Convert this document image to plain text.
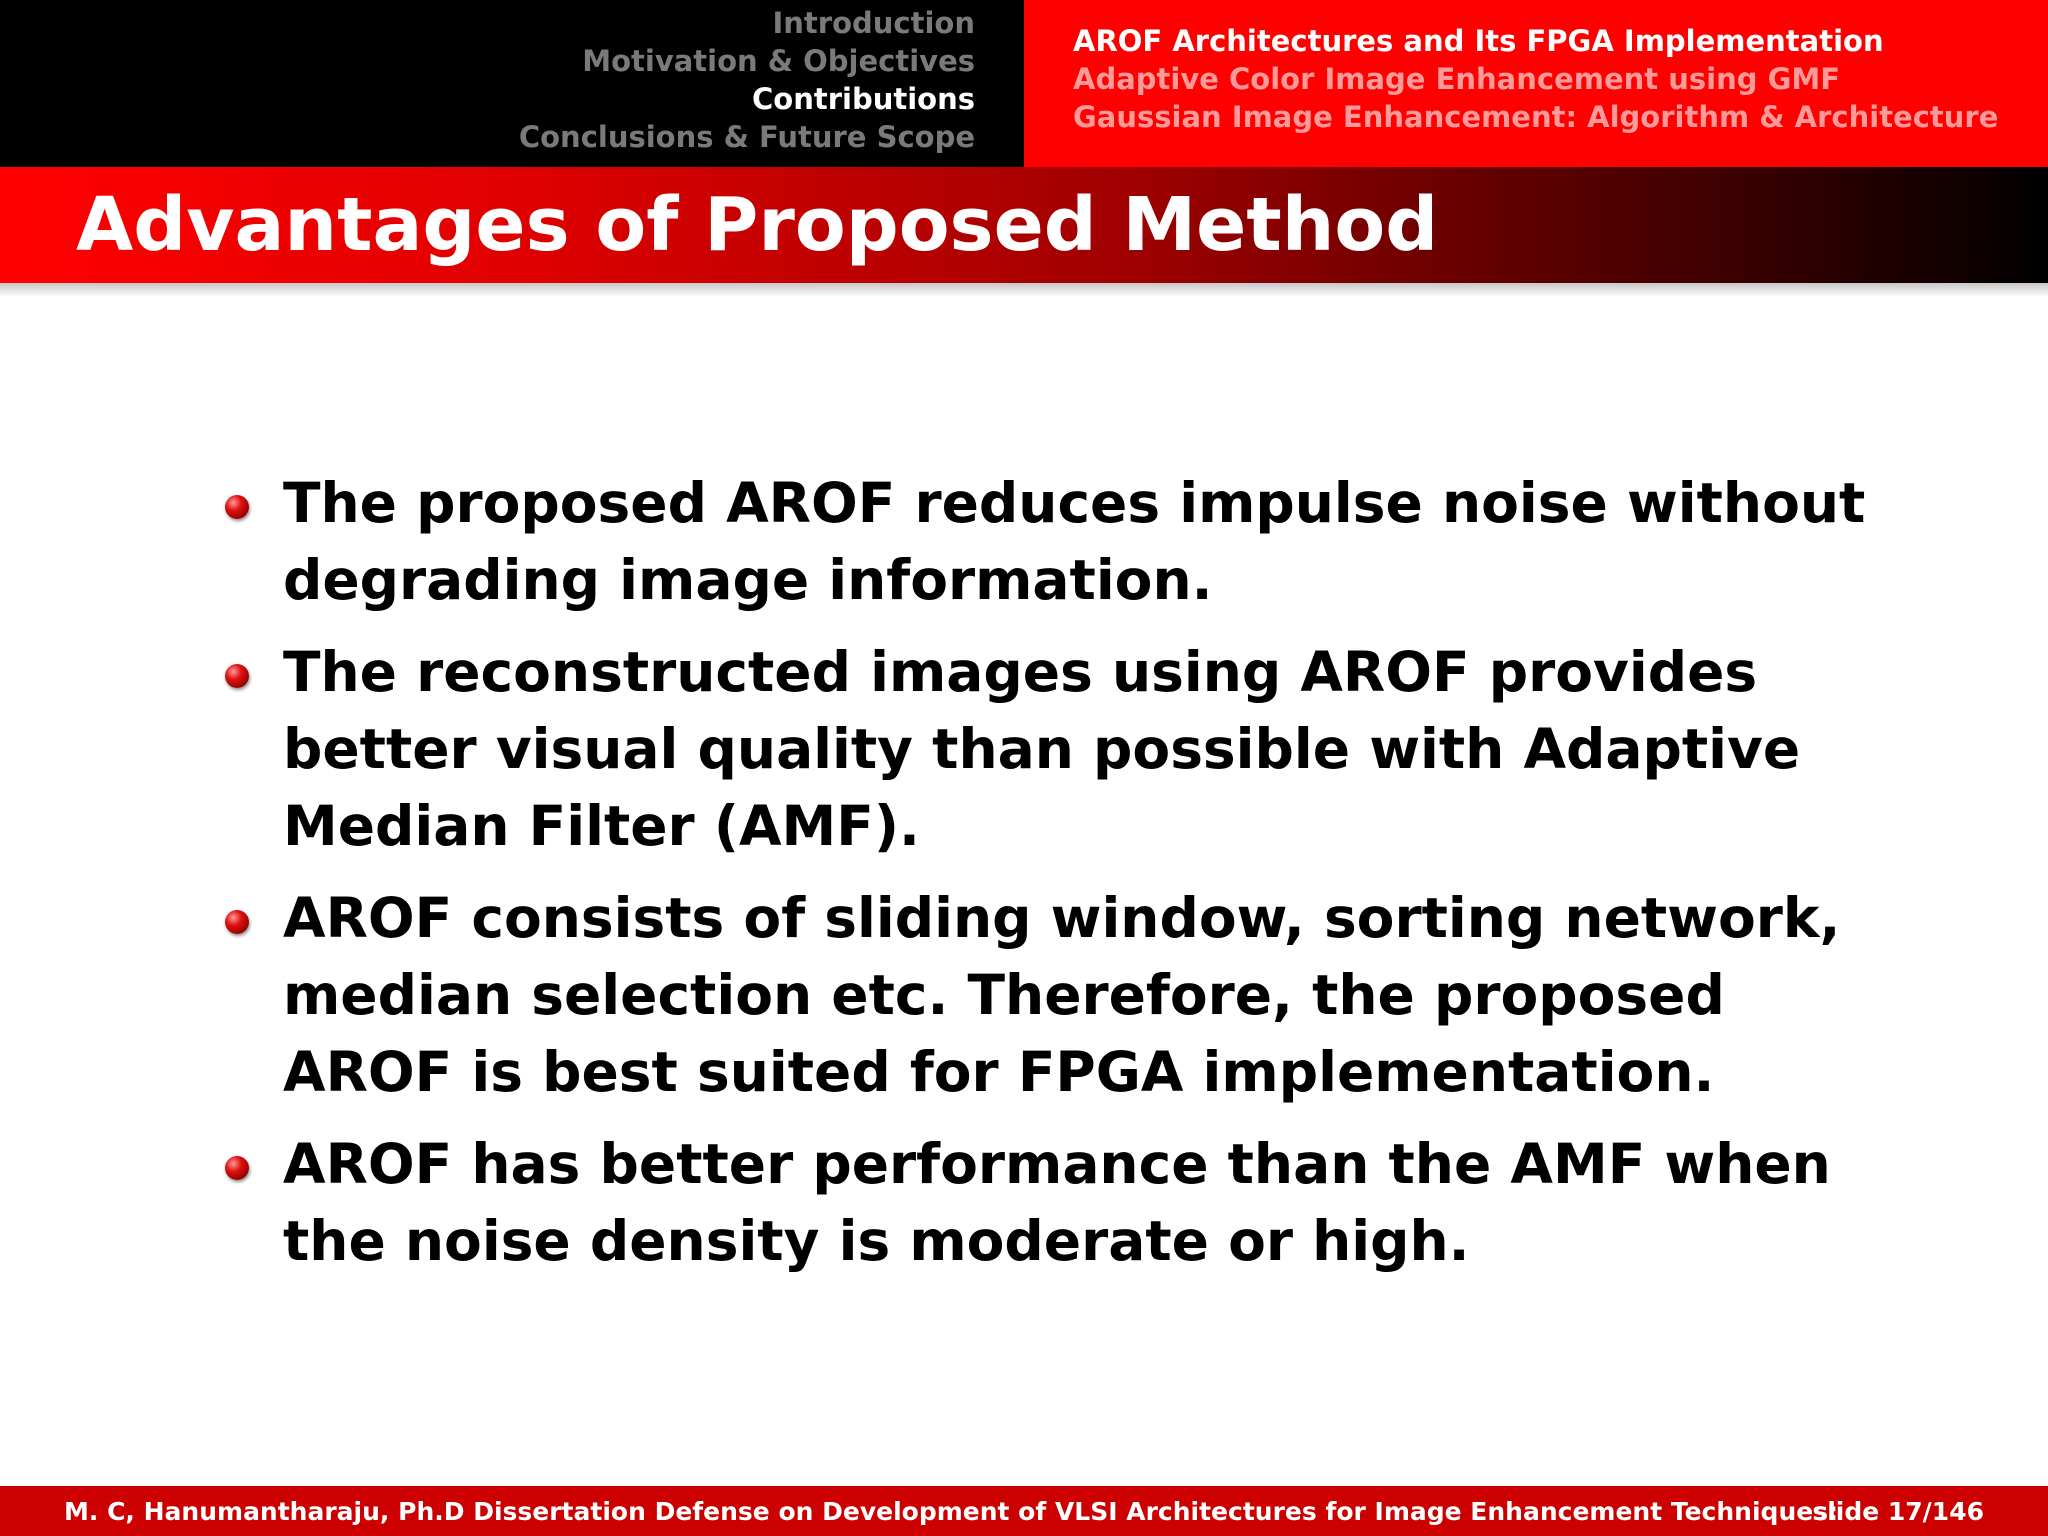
Introduction
Motivation & Objectives
Contributions
Conclusions & Future Scope
AROF Architectures and Its FPGA Implementation
Adaptive Color Image Enhancement using GMF
Gaussian Image Enhancement: Algorithm & Architecture
Advantages of Proposed Method
The proposed AROF reduces impulse noise without degrading image information.
The reconstructed images using AROF provides better visual quality than possible with Adaptive Median Filter (AMF).
AROF consists of sliding window, sorting network, median selection etc. Therefore, the proposed AROF is best suited for FPGA implementation.
AROF has better performance than the AMF when the noise density is moderate or high.
M. C, Hanumantharaju, Ph.D Dissertation Defense on Development of VLSI Architectures for Image Enhancement Techniques:
slide 17/146
